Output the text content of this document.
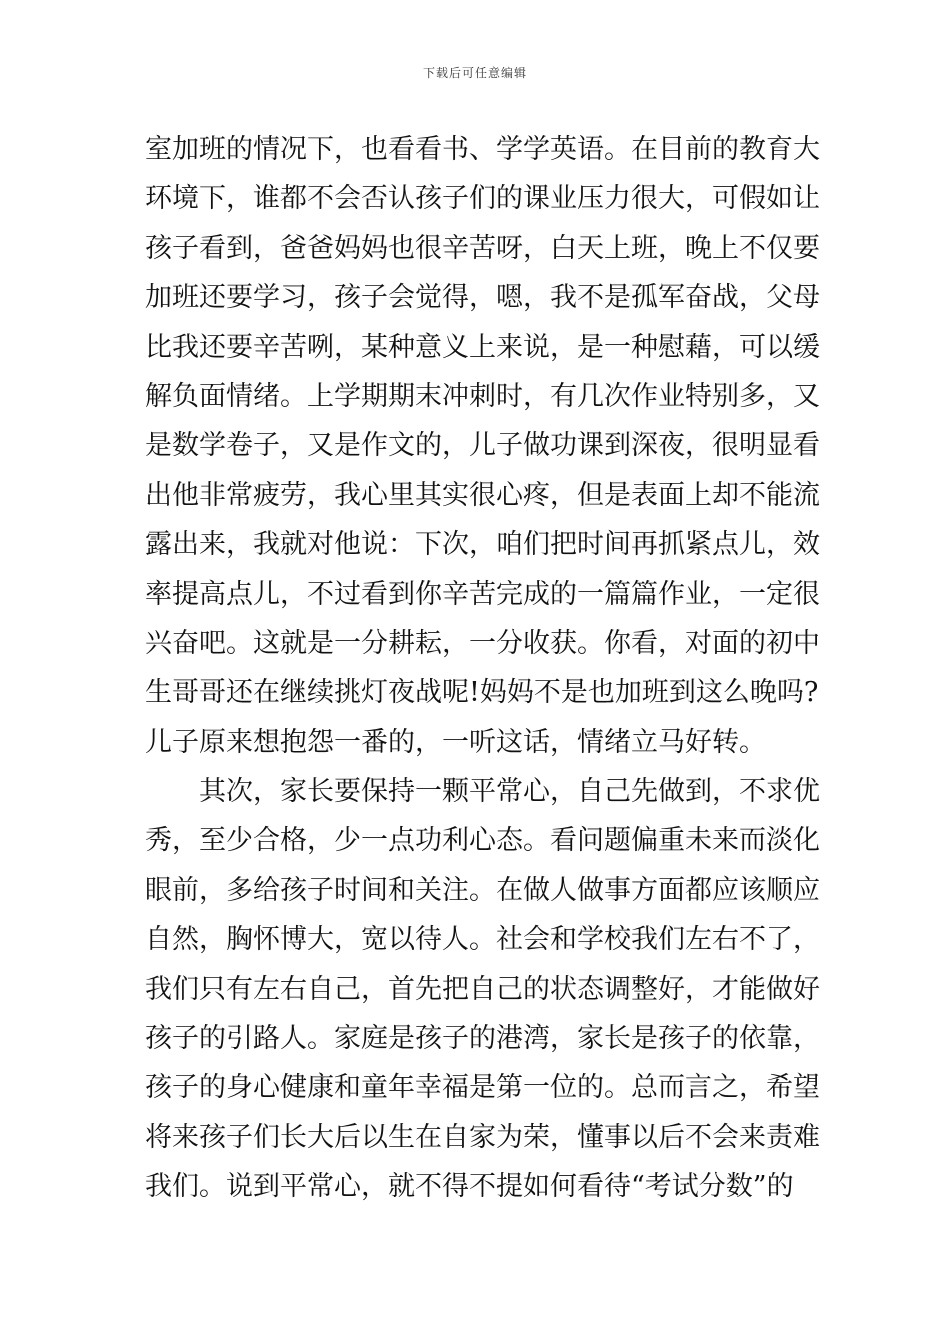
下载后可任意编辑
室加班的情况下，也看看书、学学英语。在目前的教育大
环境下，谁都不会否认孩子们的课业压力很大，可假如让
孩子看到，爸爸妈妈也很辛苦呀，白天上班，晚上不仅要
加班还要学习，孩子会觉得，嗯，我不是孤军奋战，父母
比我还要辛苦咧，某种意义上来说，是一种慰藉，可以缓
解负面情绪。上学期期末冲刺时，有几次作业特别多，又
是数学卷子，又是作文的，儿子做功课到深夜，很明显看
出他非常疲劳，我心里其实很心疼，但是表面上却不能流
露出来，我就对他说：下次，咱们把时间再抓紧点儿，效
率提高点儿，不过看到你辛苦完成的一篇篇作业，一定很
兴奋吧。这就是一分耕耘，一分收获。你看，对面的初中
生哥哥还在继续挑灯夜战呢!妈妈不是也加班到这么晚吗?
儿子原来想抱怨一番的，一听这话，情绪立马好转。
其次，家长要保持一颗平常心，自己先做到，不求优
秀，至少合格，少一点功利心态。看问题偏重未来而淡化
眼前，多给孩子时间和关注。在做人做事方面都应该顺应
自然，胸怀博大，宽以待人。社会和学校我们左右不了，
我们只有左右自己，首先把自己的状态调整好，才能做好
孩子的引路人。家庭是孩子的港湾，家长是孩子的依靠，
孩子的身心健康和童年幸福是第一位的。总而言之，希望
将来孩子们长大后以生在自家为荣，懂事以后不会来责难
我们。说到平常心，就不得不提如何看待“考试分数”的
